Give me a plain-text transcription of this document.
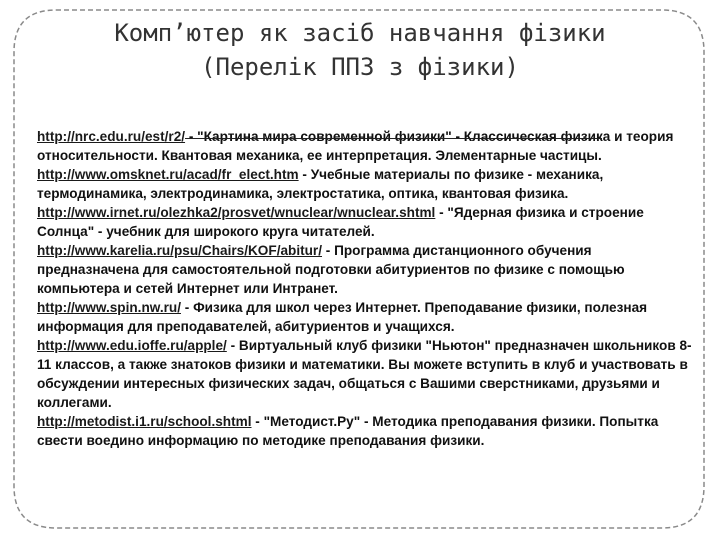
Комп’ютер як засіб навчання фізики
(Перелік ППЗ з фізики)

http://nrc.edu.ru/est/r2/ - "Картина мира современной физики" - Классическая физика и теория относительности. Квантовая механика, ее интерпретация. Элементарные частицы.

http://www.omsknet.ru/acad/fr_elect.htm - Учебные материалы по физике - механика, термодинамика, электродинамика, электростатика, оптика, квантовая физика.

http://www.irnet.ru/olezhka2/prosvet/wnuclear/wnuclear.shtml - "Ядерная физика и строение Солнца" - учебник для широкого круга читателей.

http://www.karelia.ru/psu/Chairs/KOF/abitur/ - Программа дистанционного обучения предназначена для самостоятельной подготовки абитуриентов по физике с помощью компьютера и сетей Интернет или Интранет.

http://www.spin.nw.ru/ - Физика для школ через Интернет. Преподавание физики, полезная информация для преподавателей, абитуриентов и учащихся.

http://www.edu.ioffe.ru/apple/ - Виртуальный клуб физики "Ньютон" предназначен школьников 8-11 классов, а также знатоков физики и математики. Вы можете вступить в клуб и участвовать в обсуждении интересных физических задач, общаться с Вашими сверстниками, друзьями и коллегами.

http://metodist.i1.ru/school.shtml - "Методист.Ру" - Методика преподавания физики. Попытка свести воедино информацию по методике преподавания физики.
